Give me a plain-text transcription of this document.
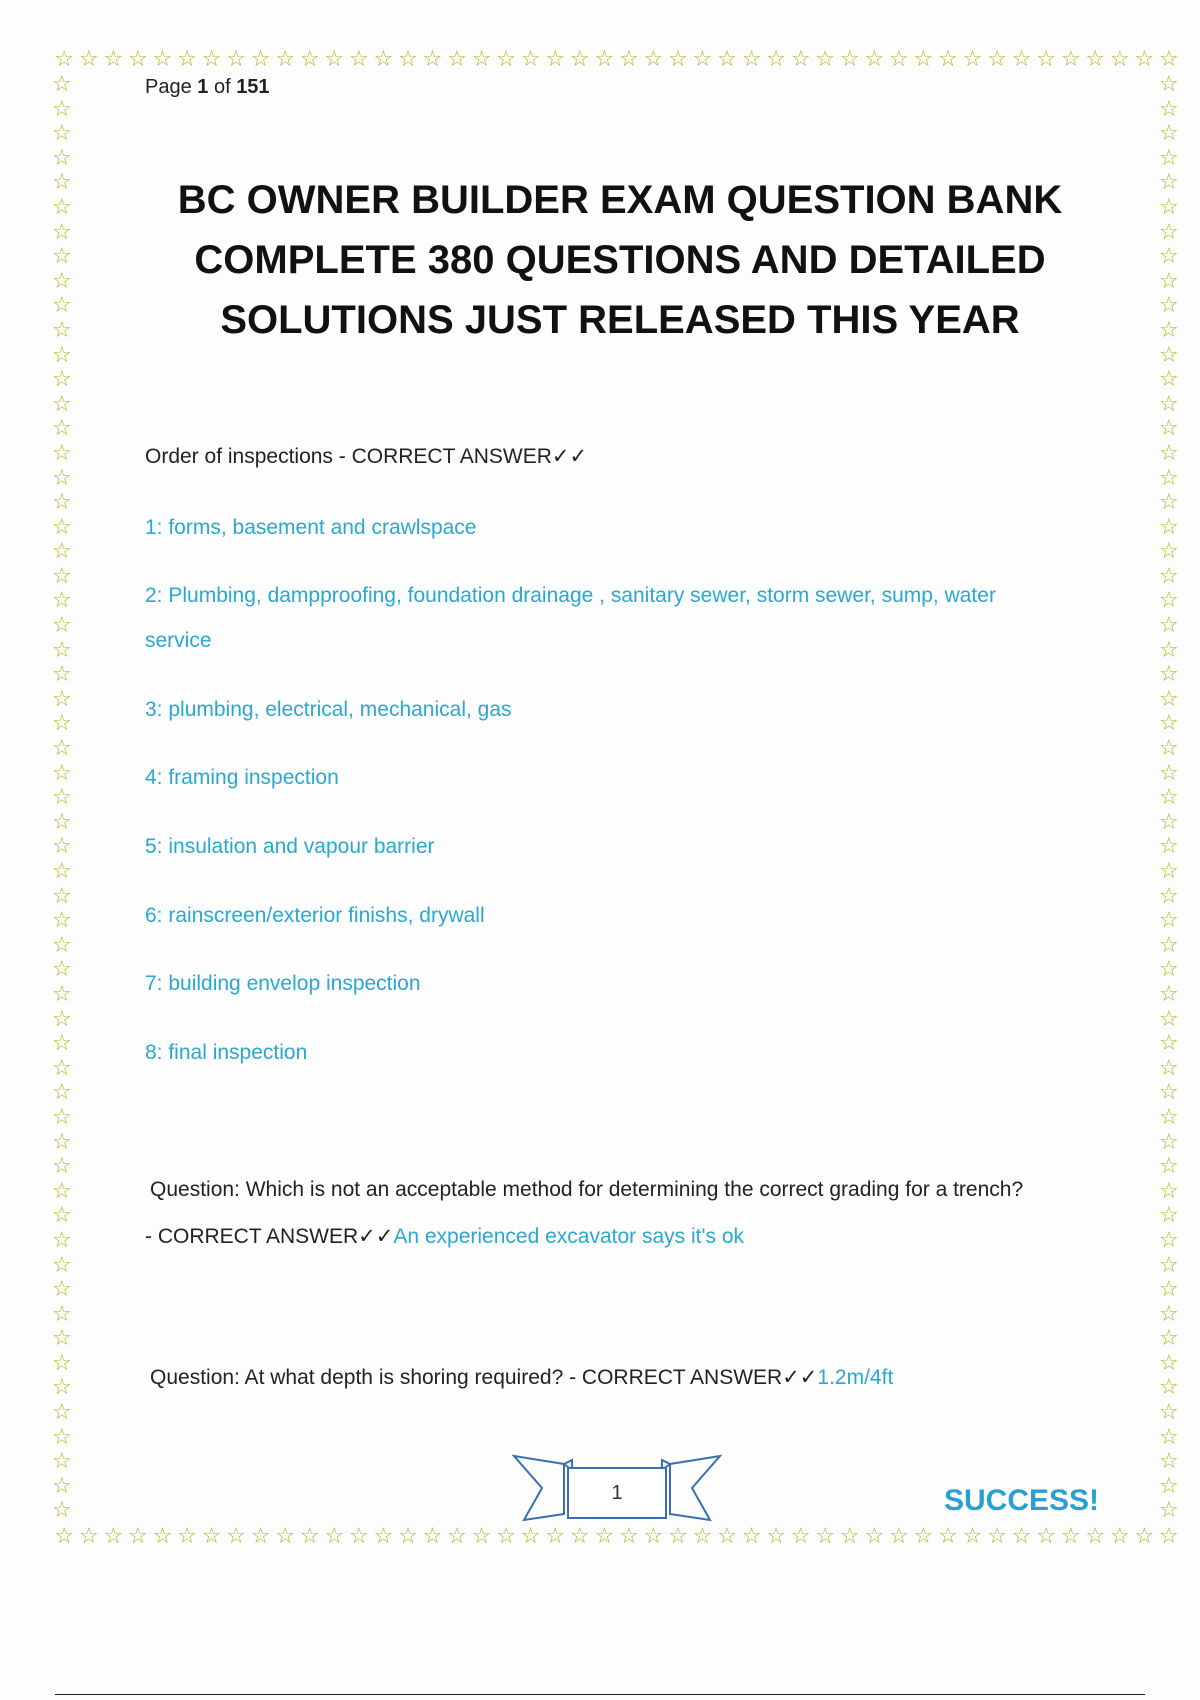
☆ ☆ ☆ ☆ ☆ ☆ ☆ ☆ ☆ ☆ ☆ ☆ ☆ ☆ ☆ ☆ ☆ ☆ ☆ ☆ ☆ ☆ ☆ ☆ ☆ ☆ ☆ ☆ ☆ ☆ ☆ ☆ ☆ ☆ ☆ ☆ ☆ ☆ ☆ ☆ ☆ ☆ ☆ ☆ ☆ ☆
☆ ☆ ☆ ☆ ☆ ☆ ☆ ☆ ☆ ☆ ☆ ☆ ☆ ☆ ☆ ☆ ☆ ☆ ☆ ☆ ☆ ☆ ☆ ☆ ☆ ☆ ☆ ☆ ☆ ☆ ☆ ☆ ☆ ☆ ☆ ☆ ☆ ☆ ☆ ☆ ☆ ☆ ☆ ☆ ☆ ☆
☆
☆
☆
☆
☆
☆
☆
☆
☆
☆
☆
☆
☆
☆
☆
☆
☆
☆
☆
☆
☆
☆
☆
☆
☆
☆
☆
☆
☆
☆
☆
☆
☆
☆
☆
☆
☆
☆
☆
☆
☆
☆
☆
☆
☆
☆
☆
☆
☆
☆
☆
☆
☆
☆
☆
☆
☆
☆
☆
☆
☆
☆
☆
☆
☆
☆
☆
☆
☆
☆
☆
☆
☆
☆
☆
☆
☆
☆
☆
☆
☆
☆
☆
☆
☆
☆
☆
☆
☆
☆
☆
☆
☆
☆
☆
☆
☆
☆
☆
☆
☆
☆
☆
☆
☆
☆
☆
☆
☆
☆
☆
☆
☆
☆
☆
☆
☆
☆
Page 1 of 151
BC OWNER BUILDER EXAM QUESTION BANK
COMPLETE 380 QUESTIONS AND DETAILED
SOLUTIONS JUST RELEASED THIS YEAR
Order of inspections - CORRECT ANSWER✓✓
1: forms, basement and crawlspace
2: Plumbing, dampproofing, foundation drainage , sanitary sewer, storm sewer, sump, water
service
3: plumbing, electrical, mechanical, gas
4: framing inspection
5: insulation and vapour barrier
6: rainscreen/exterior finishs, drywall
7: building envelop inspection
8: final inspection
Question: Which is not an acceptable method for determining the correct grading for a trench?
- CORRECT ANSWER✓✓An experienced excavator says it's ok
Question: At what depth is shoring required? - CORRECT ANSWER✓✓1.2m/4ft
1	SUCCESS!
